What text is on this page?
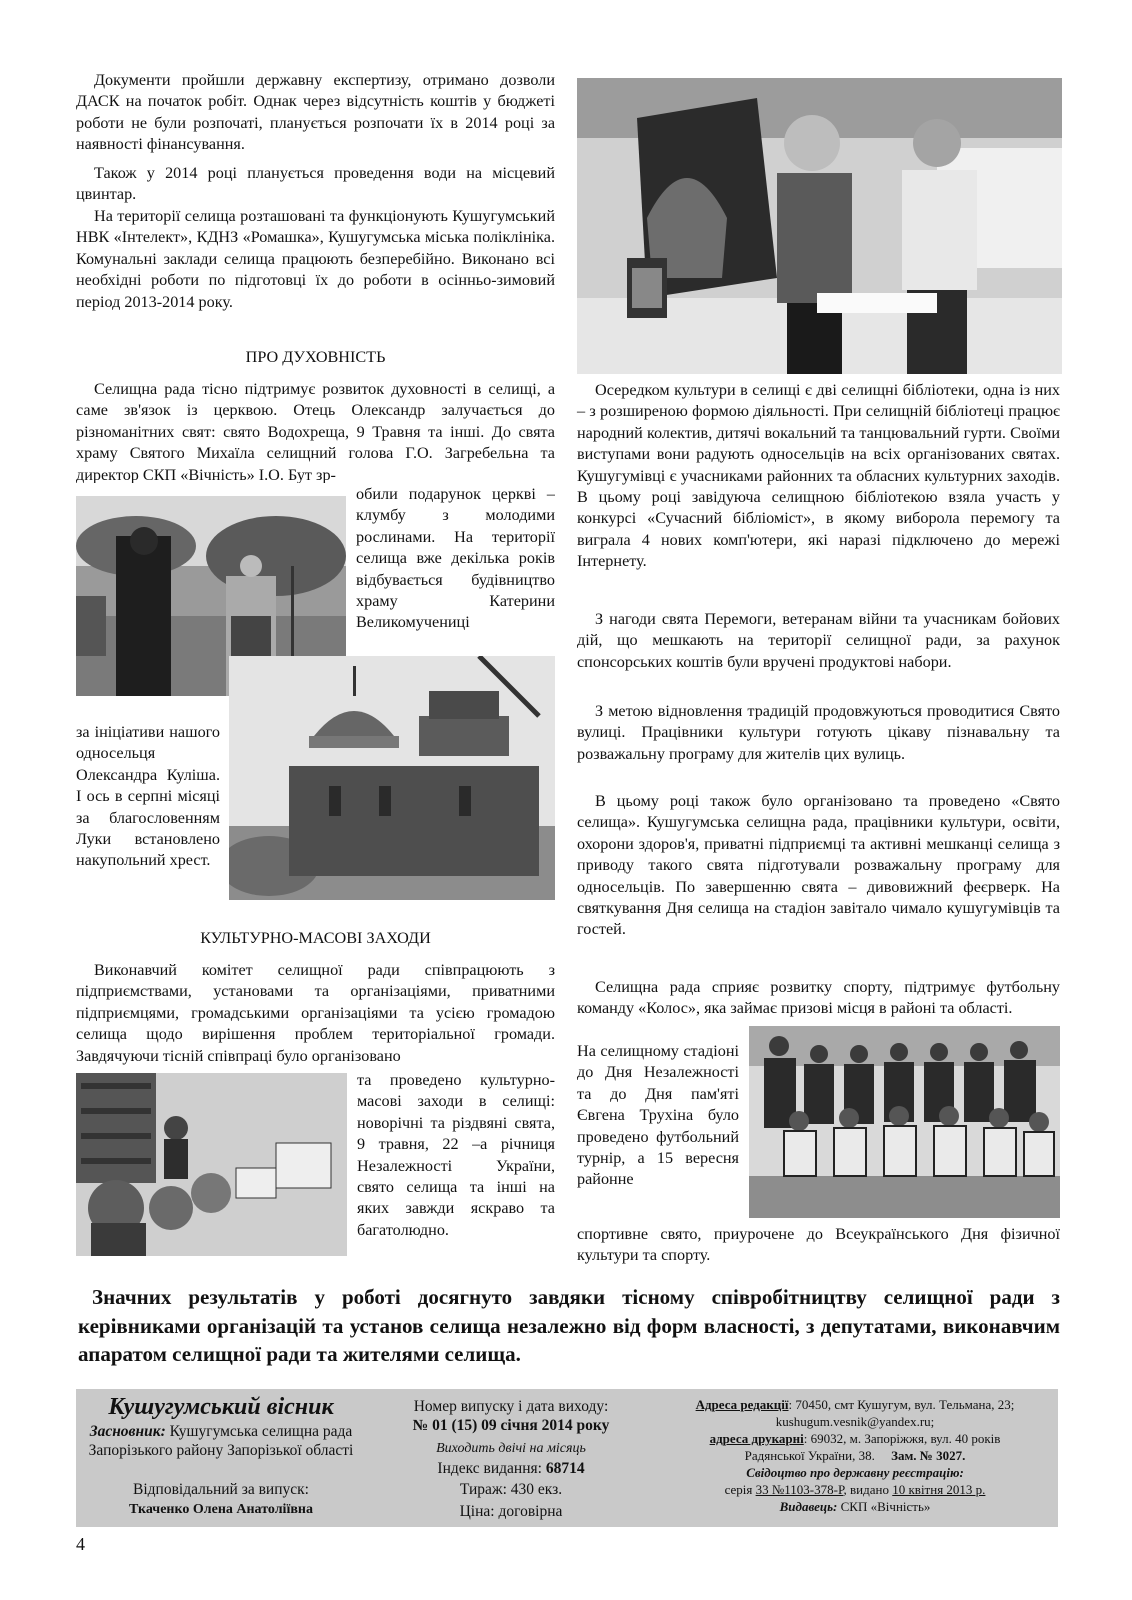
Документи пройшли державну експертизу, отримано дозволи ДАСК на початок робіт. Однак через відсутність коштів у бюджеті роботи не були розпочаті, планується розпочати їх в 2014 році за наявності фінансування.

Також у 2014 році планується проведення води на місцевий цвинтар.

На території селища розташовані та функціонують Кушугумський НВК «Інтелект», КДНЗ «Ромашка», Кушугумська міська поліклініка. Комунальні заклади селища працюють безперебійно. Виконано всі необхідні роботи по підготовці їх до роботи в осінньо-зимовий період 2013-2014 року.

ПРО ДУХОВНІСТЬ

Селищна рада тісно підтримує розвиток духовності в селищі, а саме зв'язок із церквою. Отець Олександр залучається до різноманітних свят: свято Водохреща, 9 Травня та інші. До свята храму Святого Михаїла селищний голова Г.О. Загребельна та директор СКП «Вічність» І.О. Бут зр-

обили подарунок церкві – клумбу з молодими рослинами. На території селища вже декілька років відбувається будівництво храму Катерини Великомучениці

за ініціативи нашого односельця Олександра Куліша. І ось в серпні місяці за благословенням Луки встановлено накупольний хрест.

КУЛЬТУРНО-МАСОВІ ЗАХОДИ

Виконавчий комітет селищної ради співпрацюють з підприємствами, установами та організаціями, приватними підприємцями, громадськими організаціями та усією громадою селища щодо вирішення проблем територіальної громади. Завдячуючи тісній співпраці було організовано

та проведено культурно-масові заходи в селищі: новорічні та різдвяні свята, 9 травня, 22 –а річниця Незалежності України, свято селища та інші на яких завжди яскраво та багатолюдно.

Осередком культури в селищі є дві селищні бібліотеки, одна із них – з розширеною формою діяльності. При селищній бібліотеці працює народний колектив, дитячі вокальний та танцювальний гурти. Своїми виступами вони радують односельців на всіх організованих святах. Кушугумівці є учасниками районних та обласних культурних заходів. В цьому році завідуюча селищною бібліотекою взяла участь у конкурсі «Сучасний бібліоміст», в якому виборола перемогу та виграла 4 нових комп'ютери, які наразі підключено до мережі Інтернету.

З нагоди свята Перемоги, ветеранам війни та учасникам бойових дій, що мешкають на території селищної ради, за рахунок спонсорських коштів були вручені продуктові набори.

З метою відновлення традицій продовжуються проводитися Свято вулиці. Працівники культури готують цікаву пізнавальну та розважальну програму для жителів цих вулиць.

В цьому році також було організовано та проведено «Свято селища». Кушугумська селищна рада, працівники культури, освіти, охорони здоров'я, приватні підприємці та активні мешканці селища з приводу такого свята підготували розважальну програму для односельців. По завершенню свята – дивовижний феєрверк. На святкування Дня селища на стадіон завітало чимало кушугумівців та гостей.

Селищна рада сприяє розвитку спорту, підтримує футбольну команду «Колос», яка займає призові місця в районі та області.

На селищному стадіоні до Дня Незалежності та до Дня пам'яті Євгена Трухіна було проведено футбольний турнір, а 15 вересня районне

спортивне свято, приурочене до Всеукраїнського Дня фізичної культури та спорту.

Значних результатів у роботі досягнуто завдяки тісному співробітництву селищної ради з керівниками організацій та установ селища незалежно від форм власності, з депутатами, виконавчим апаратом селищної ради та жителями селища.

Кушугумський вісник
Засновник: Кушугумська селищна рада Запорізького району Запорізької області
Відповідальний за випуск:
Ткаченко Олена Анатоліївна
Номер випуску і дата виходу:
№ 01 (15) 09 січня 2014 року
Виходить двічі на місяць
Індекс видання: 68714
Тираж: 430 екз.
Ціна: договірна
Адреса редакції: 70450, смт Кушугум, вул. Тельмана, 23;
kushugum.vesnik@yandex.ru;
адреса друкарні: 69032, м. Запоріжжя, вул. 40 років
Радянської України, 38. Зам. № 3027.
Свідоцтво про державну реєстрацію:
серія 33 №1103-378-Р, видано 10 квітня 2013 р.
Видавець: СКП «Вічність»
4
